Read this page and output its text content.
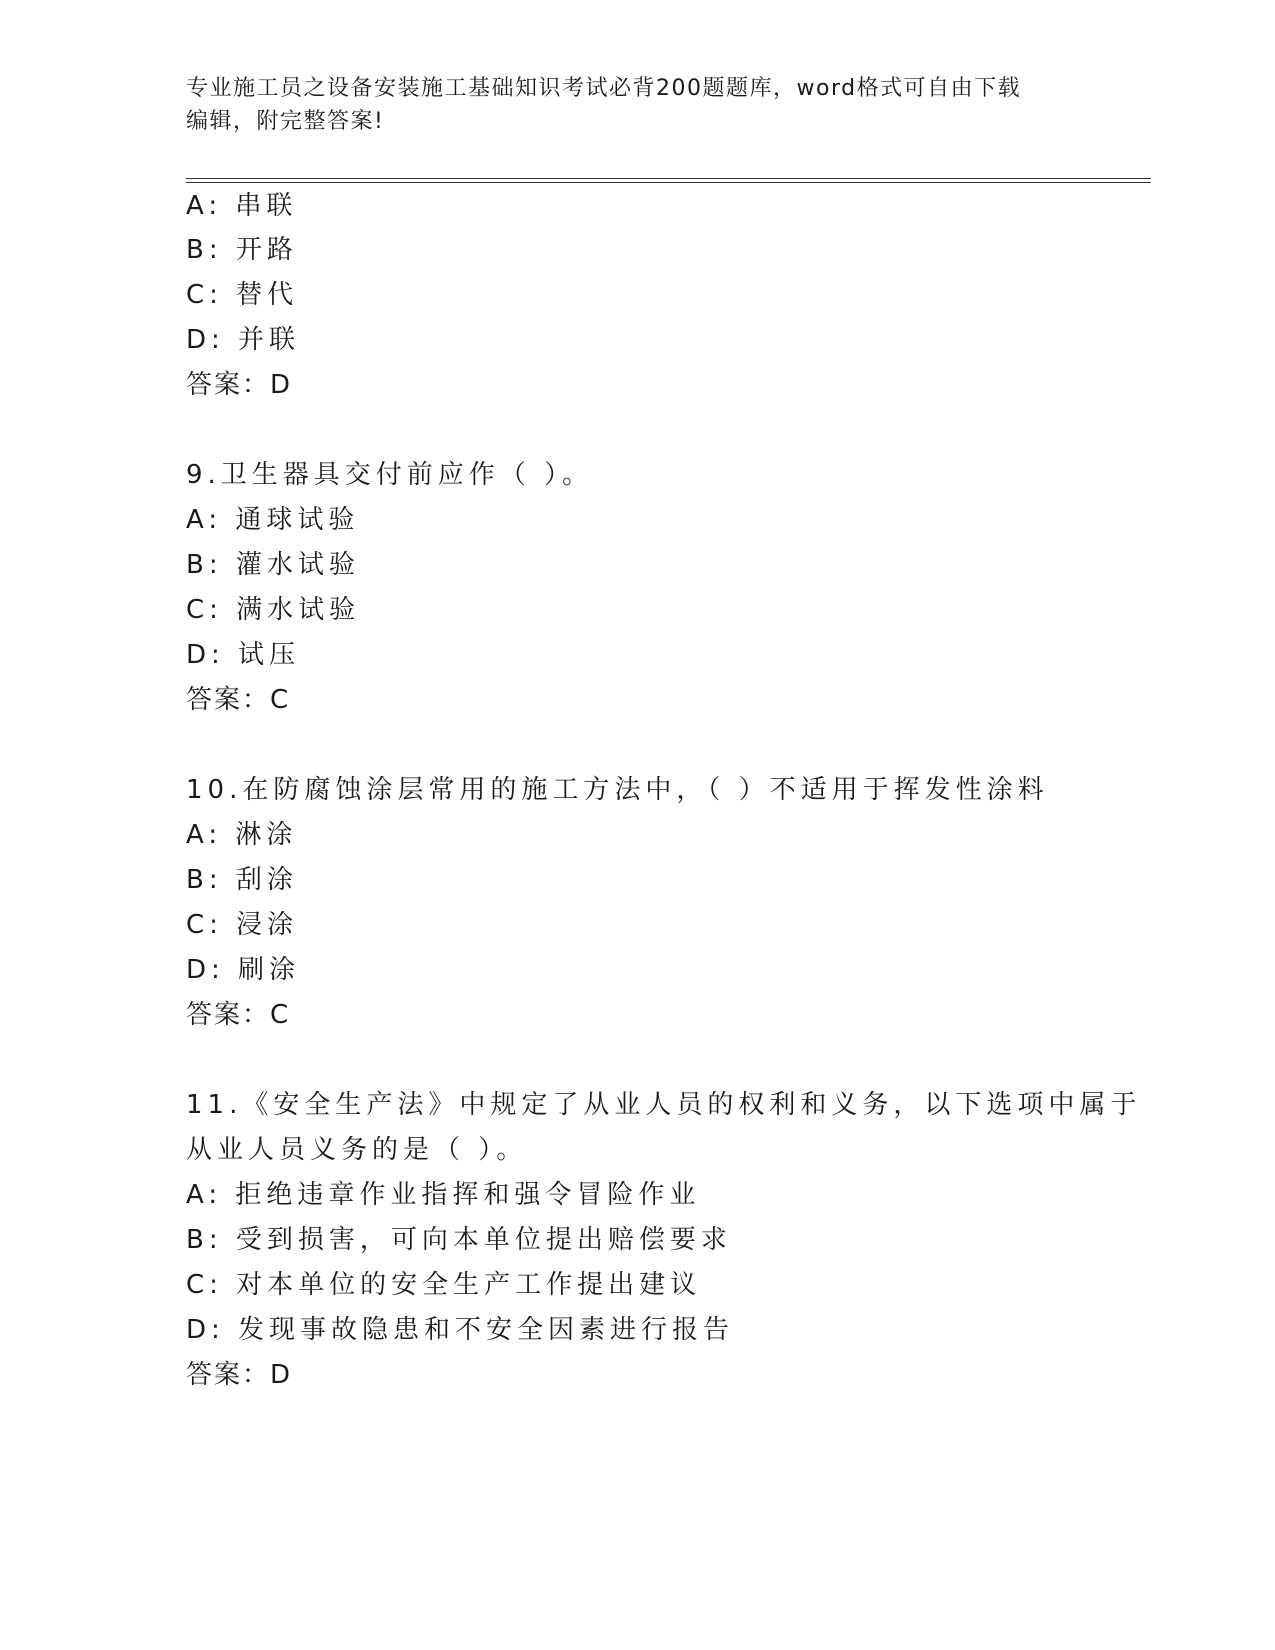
专业施工员之设备安装施工基础知识考试必背200题题库，word格式可自由下载
编辑，附完整答案!
A: 串联
B: 开路
C: 替代
D: 并联
答案：D
9.卫生器具交付前应作（ ）。
A: 通球试验
B: 灌水试验
C: 满水试验
D: 试压
答案：C
10.在防腐蚀涂层常用的施工方法中，（ ）不适用于挥发性涂料
A: 淋涂
B: 刮涂
C: 浸涂
D: 刷涂
答案：C
11.《安全生产法》中规定了从业人员的权利和义务，以下选项中属于
从业人员义务的是（ ）。
A: 拒绝违章作业指挥和强令冒险作业
B: 受到损害，可向本单位提出赔偿要求
C: 对本单位的安全生产工作提出建议
D: 发现事故隐患和不安全因素进行报告
答案：D
